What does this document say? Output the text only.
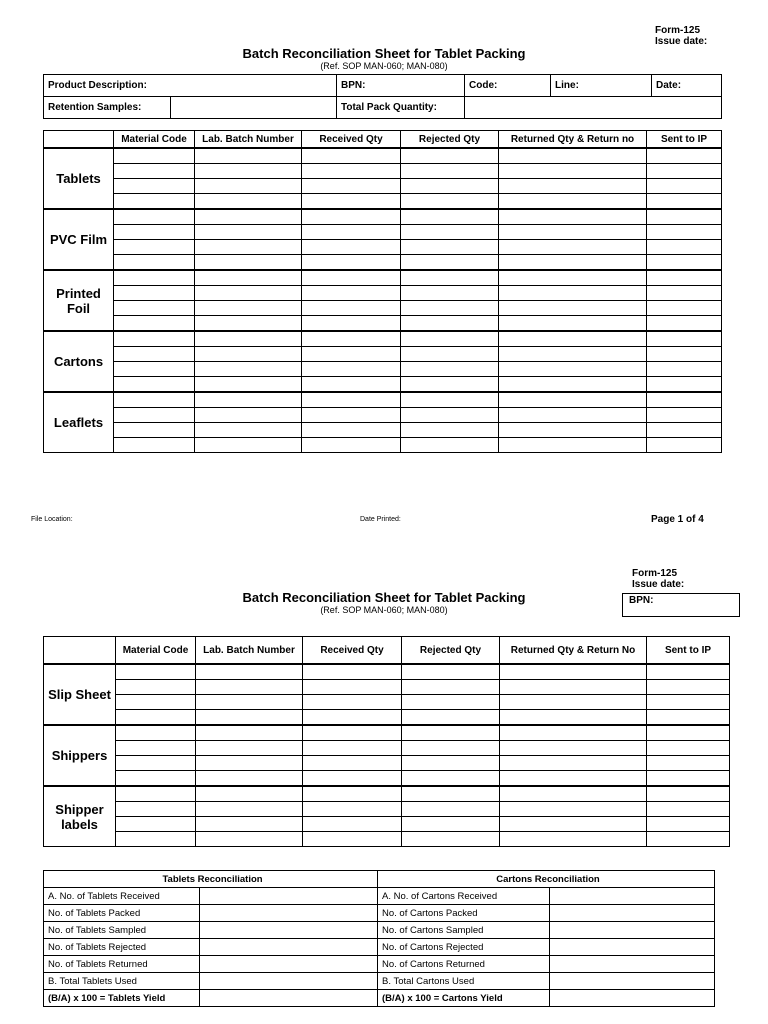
Form-125
Issue date:
Batch Reconciliation Sheet for Tablet Packing
(Ref. SOP MAN-060; MAN-080)
Product Description:		BPN:	Code:	Line: Date:

Retention Samples:		Total Pack Quantity:		
	Material Code	Lab. Batch Number	Received Qty	Rejected Qty	Returned Qty & Return no	Sent to IP
Tablets						

PVC Film						

Printed Foil						

Cartons						

Leaflets						

File Location:	Date Printed:	Page 1 of 4
Form-125
Issue date:
Batch Reconciliation Sheet for Tablet Packing
(Ref. SOP MAN-060; MAN-080)
BPN:
	Material Code	Lab. Batch Number	Received Qty	Rejected Qty	Returned Qty & Return No	Sent to IP
Slip Sheet						

Shippers						

Shipper labels						

Tablets Reconciliation		Cartons Reconciliation	
A. No. of Tablets Received		A. No. of Cartons Received	
No. of Tablets Packed		No. of Cartons Packed	
No. of Tablets Sampled		No. of Cartons Sampled	
No. of Tablets Rejected		No. of Cartons Rejected	
No. of Tablets Returned		No. of Cartons Returned	
B. Total Tablets Used		B. Total Cartons Used	
(B/A) x 100 = Tablets Yield		(B/A) x 100 = Cartons Yield	
